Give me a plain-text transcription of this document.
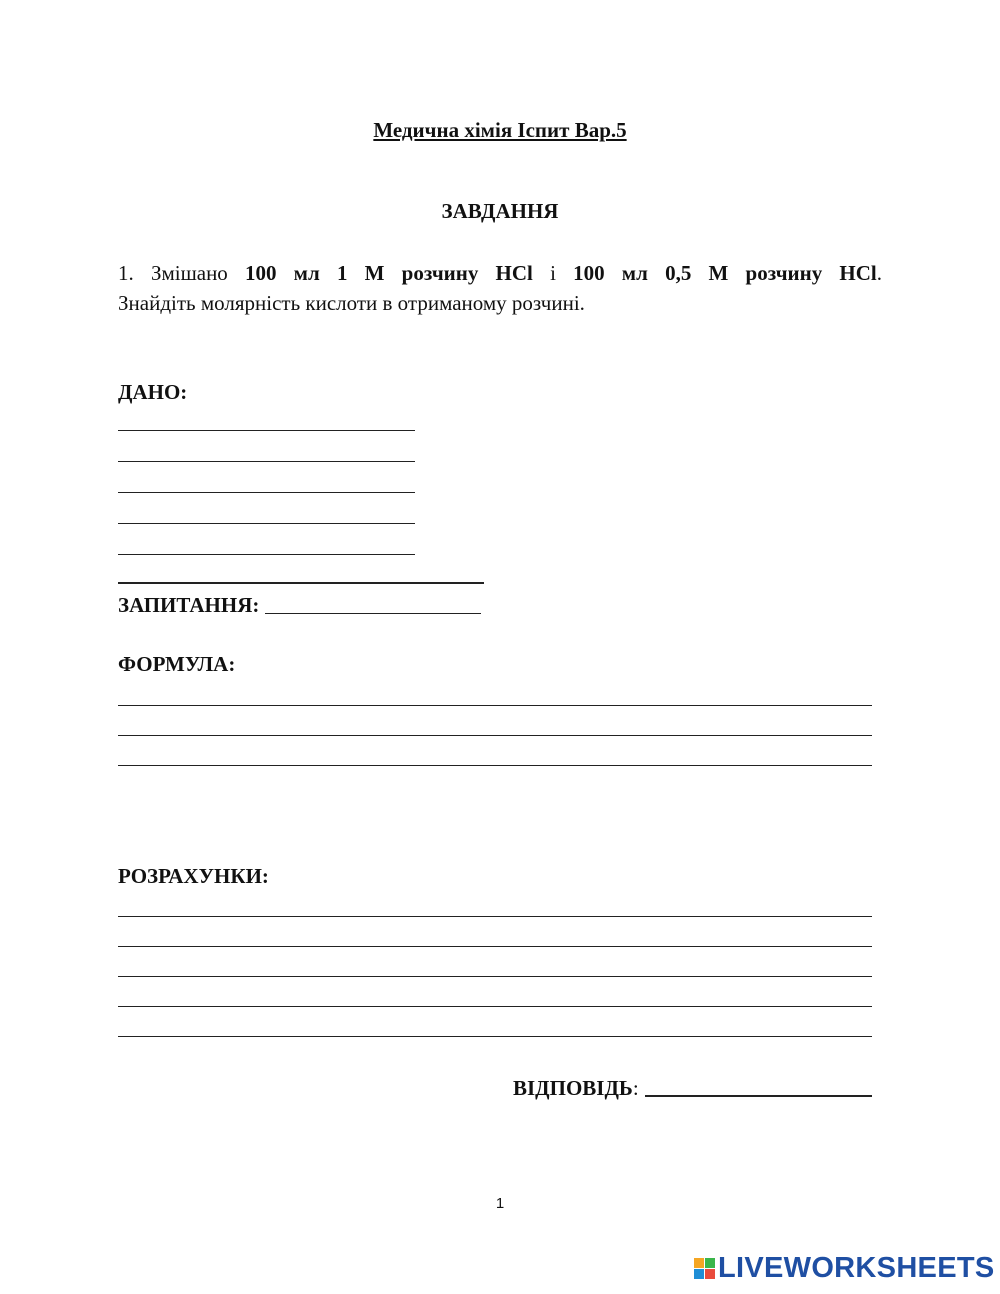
Медична хімія Іспит Вар.5
ЗАВДАННЯ
1. Змішано 100 мл 1 М розчину HCl і 100 мл 0,5 М розчину HCl.
Знайдіть молярність кислоти в отриманому розчині.
ДАНО:
ЗАПИТАННЯ:
ФОРМУЛА:
РОЗРАХУНКИ:
ВІДПОВІДЬ:
1
LIVEWORKSHEETS
